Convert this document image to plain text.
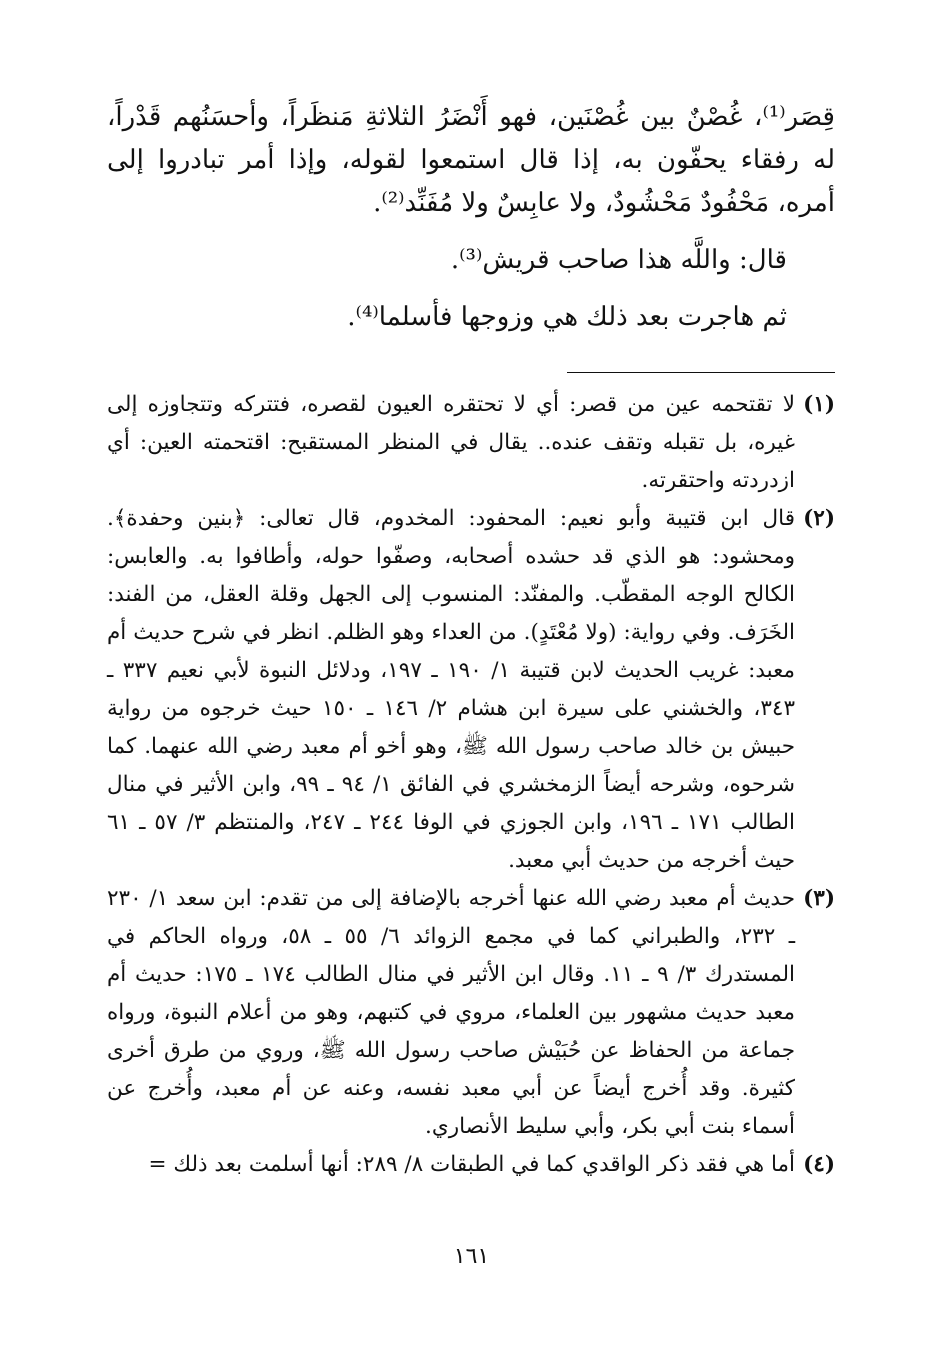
قِصَر⁽¹⁾، غُصْنٌ بين غُصْنَين، فهو أَنْضَرُ الثلاثةِ مَنظَراً، وأحسَنُهم قَدْراً، له رفقاء يحفّون به، إذا قال استمعوا لقوله، وإذا أمر تبادروا إلى أمره، مَحْفُودٌ مَحْشُودٌ، ولا عابِسٌ ولا مُفَنِّد⁽²⁾.

قال: واللَّه هذا صاحب قريش⁽³⁾.

ثم هاجرت بعد ذلك هي وزوجها فأسلما⁽⁴⁾.

(١)
لا تقتحمه عين من قصر: أي لا تحتقره العيون لقصره، فتتركه وتتجاوزه إلى غيره، بل تقبله وتقف عنده.. يقال في المنظر المستقبح: اقتحمته العين: أي ازدردته واحتقرته.
(٢)
قال ابن قتيبة وأبو نعيم: المحفود: المخدوم، قال تعالى: ﴿بنين وحفدة﴾. ومحشود: هو الذي قد حشده أصحابه، وصفّوا حوله، وأطافوا به. والعابس: الكالح الوجه المقطّب. والمفنّد: المنسوب إلى الجهل وقلة العقل، من الفند: الخَرَف. وفي رواية: (ولا مُعْتَدٍ). من العداء وهو الظلم. انظر في شرح حديث أم معبد: غريب الحديث لابن قتيبة ١/ ١٩٠ ـ ١٩٧، ودلائل النبوة لأبي نعيم ٣٣٧ ـ ٣٤٣، والخشني على سيرة ابن هشام ٢/ ١٤٦ ـ ١٥٠ حيث خرجوه من رواية حبيش بن خالد صاحب رسول الله ﷺ، وهو أخو أم معبد رضي الله عنهما. كما شرحوه، وشرحه أيضاً الزمخشري في الفائق ١/ ٩٤ ـ ٩٩، وابن الأثير في منال الطالب ١٧١ ـ ١٩٦، وابن الجوزي في الوفا ٢٤٤ ـ ٢٤٧، والمنتظم ٣/ ٥٧ ـ ٦١ حيث أخرجه من حديث أبي معبد.
(٣)
حديث أم معبد رضي الله عنها أخرجه بالإضافة إلى من تقدم: ابن سعد ١/ ٢٣٠ ـ ٢٣٢، والطبراني كما في مجمع الزوائد ٦/ ٥٥ ـ ٥٨، ورواه الحاكم في المستدرك ٣/ ٩ ـ ١١. وقال ابن الأثير في منال الطالب ١٧٤ ـ ١٧٥: حديث أم معبد حديث مشهور بين العلماء، مروي في كتبهم، وهو من أعلام النبوة، ورواه جماعة من الحفاظ عن حُبَيْش صاحب رسول الله ﷺ، وروي من طرق أخرى كثيرة. وقد أُخرج أيضاً عن أبي معبد نفسه، وعنه عن أم معبد، وأُخرج عن أسماء بنت أبي بكر، وأبي سليط الأنصاري.
(٤)
أما هي فقد ذكر الواقدي كما في الطبقات ٨/ ٢٨٩: أنها أسلمت بعد ذلك =
١٦١
